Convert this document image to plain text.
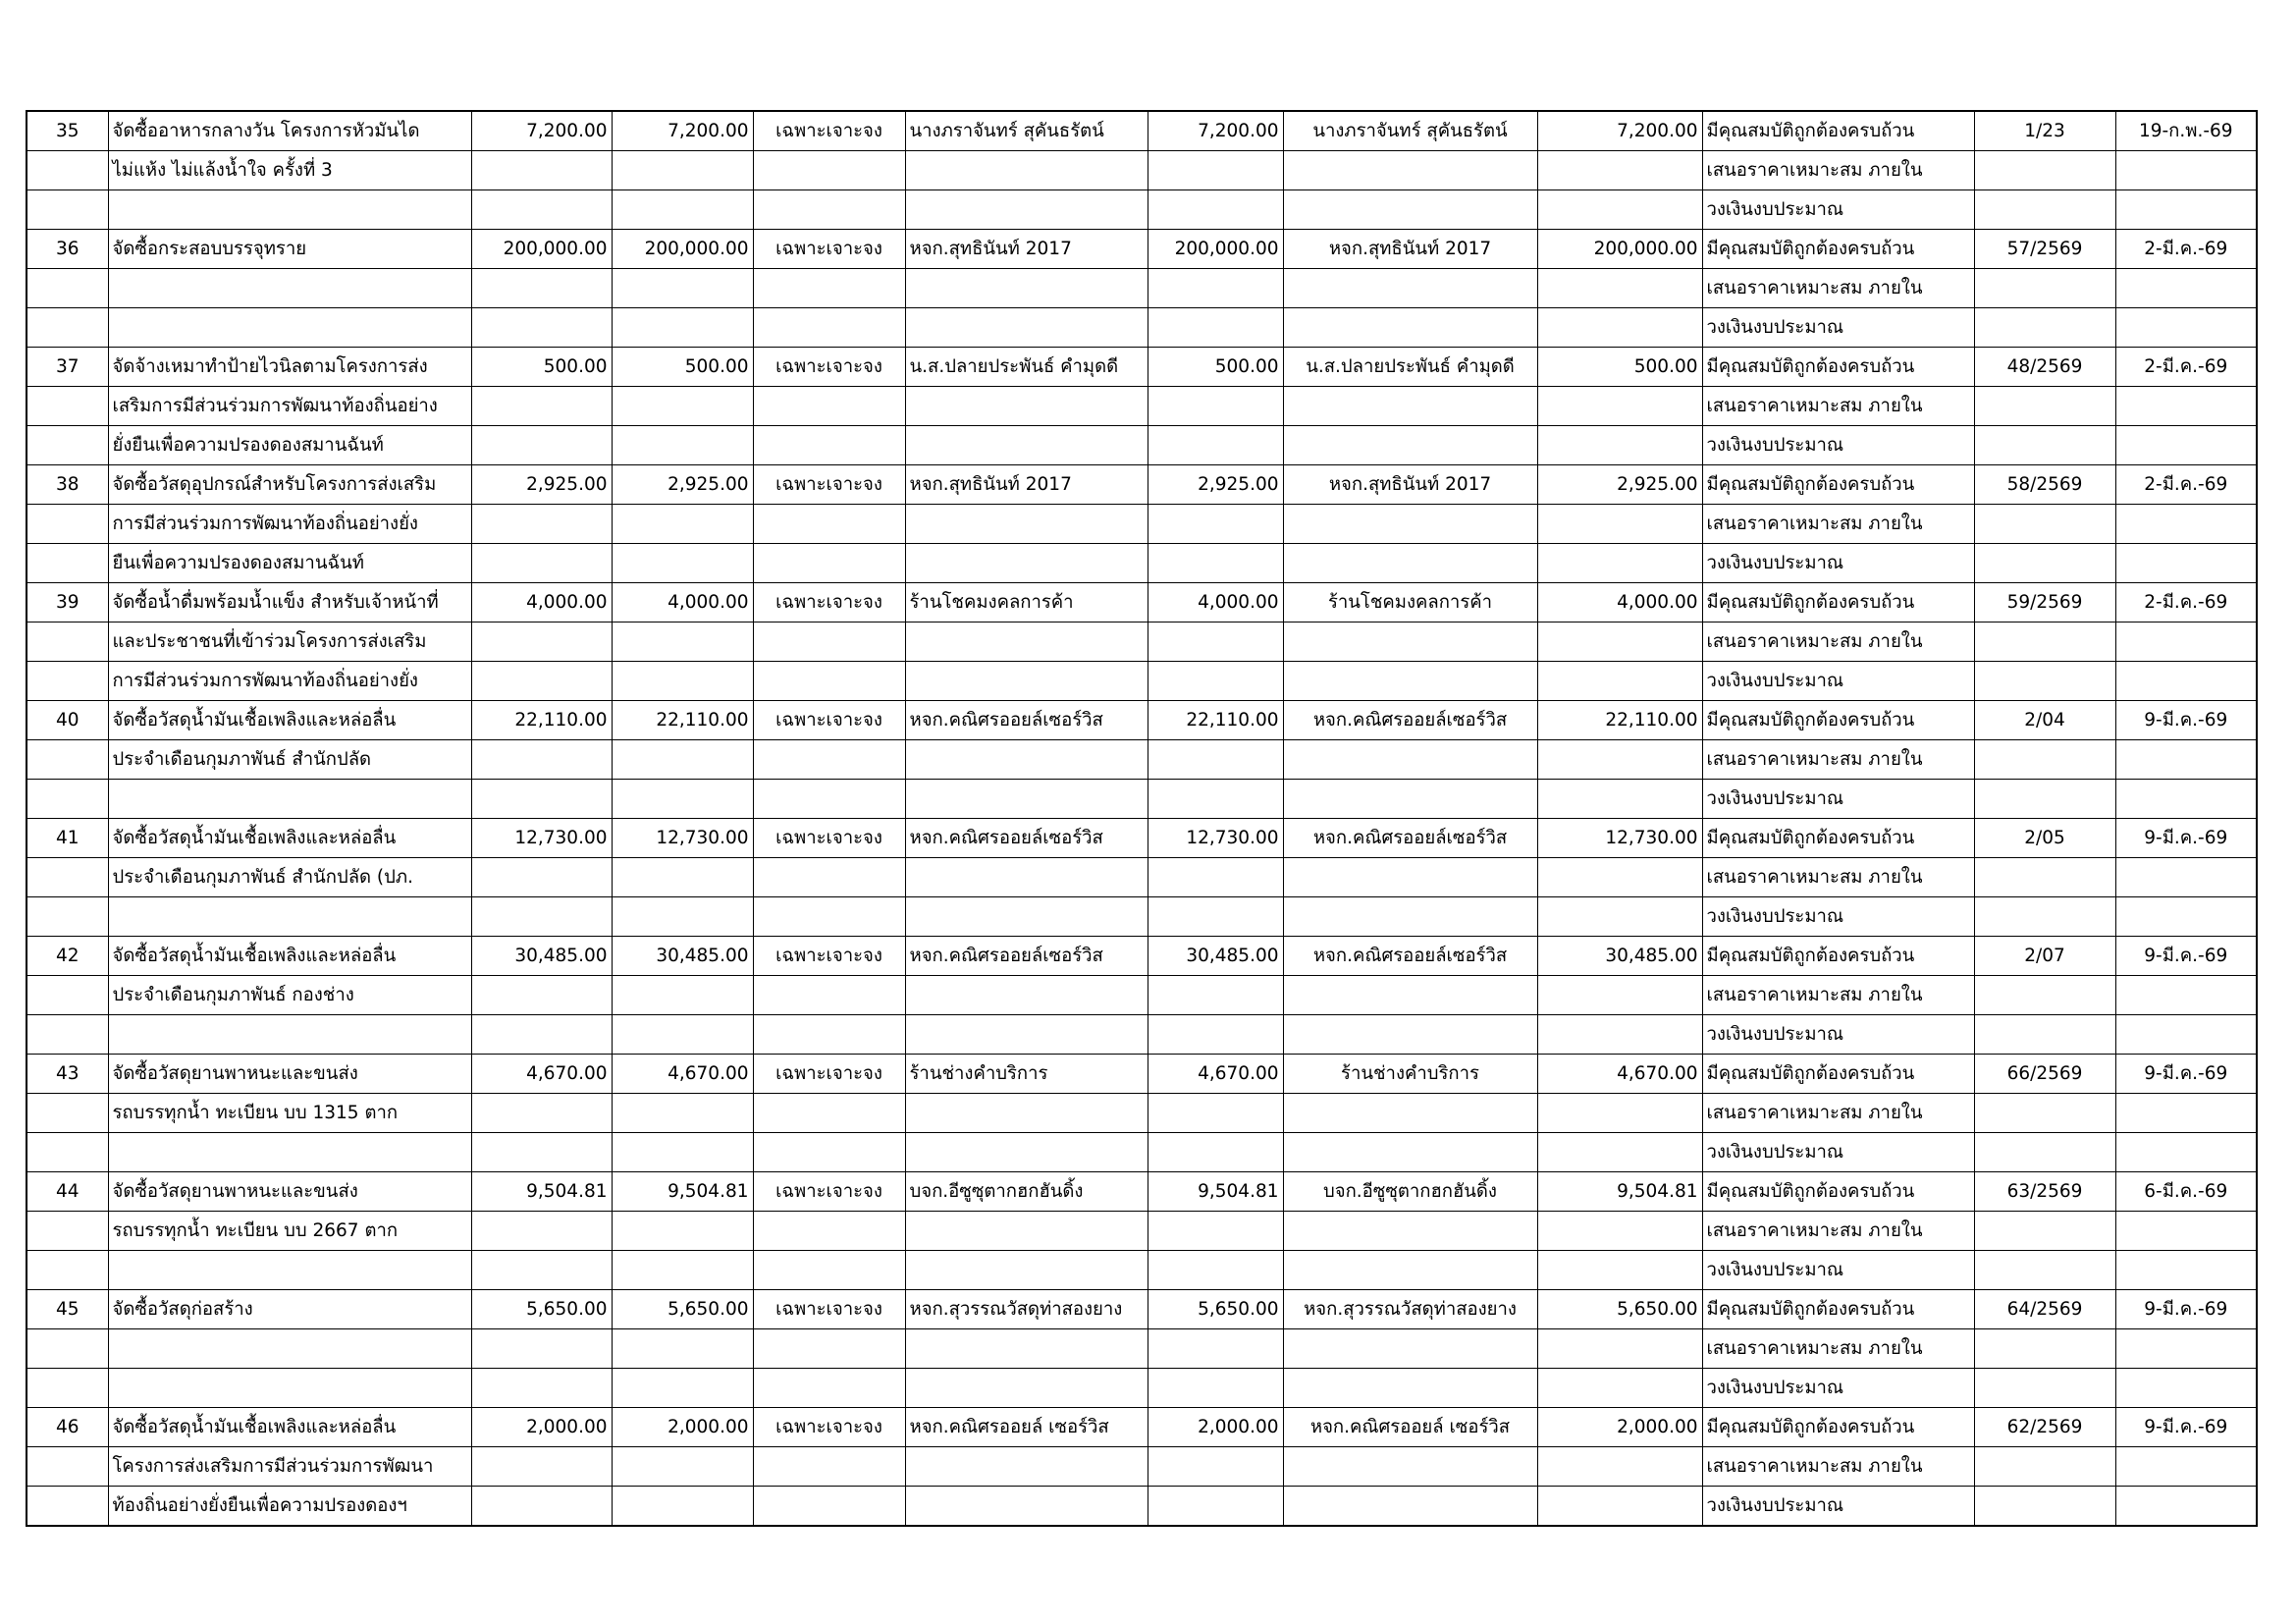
35	จัดซื้ออาหารกลางวัน โครงการหัวมันได	7,200.00	7,200.00	เฉพาะเจาะจง	นางภราจันทร์ สุคันธรัตน์	7,200.00	นางภราจันทร์ สุคันธรัตน์	7,200.00	มีคุณสมบัติถูกต้องครบถ้วน	1/23	19-ก.พ.-69
	ไม่แห้ง ไม่แล้งน้ำใจ ครั้งที่ 3								เสนอราคาเหมาะสม ภายใน		
									วงเงินงบประมาณ		
36	จัดซื้อกระสอบบรรจุทราย	200,000.00	200,000.00	เฉพาะเจาะจง	หจก.สุทธินันท์ 2017	200,000.00	หจก.สุทธินันท์ 2017	200,000.00	มีคุณสมบัติถูกต้องครบถ้วน	57/2569	2-มี.ค.-69
									เสนอราคาเหมาะสม ภายใน		
									วงเงินงบประมาณ		
37	จัดจ้างเหมาทำป้ายไวนิลตามโครงการส่ง	500.00	500.00	เฉพาะเจาะจง	น.ส.ปลายประพันธ์ คำมุดดี	500.00	น.ส.ปลายประพันธ์ คำมุดดี	500.00	มีคุณสมบัติถูกต้องครบถ้วน	48/2569	2-มี.ค.-69
	เสริมการมีส่วนร่วมการพัฒนาท้องถิ่นอย่าง								เสนอราคาเหมาะสม ภายใน		
	ยั่งยืนเพื่อความปรองดองสมานฉันท์								วงเงินงบประมาณ		
38	จัดซื้อวัสดุอุปกรณ์สำหรับโครงการส่งเสริม	2,925.00	2,925.00	เฉพาะเจาะจง	หจก.สุทธินันท์ 2017	2,925.00	หจก.สุทธินันท์ 2017	2,925.00	มีคุณสมบัติถูกต้องครบถ้วน	58/2569	2-มี.ค.-69
	การมีส่วนร่วมการพัฒนาท้องถิ่นอย่างยั่ง								เสนอราคาเหมาะสม ภายใน		
	ยืนเพื่อความปรองดองสมานฉันท์								วงเงินงบประมาณ		
39	จัดซื้อน้ำดื่มพร้อมน้ำแข็ง สำหรับเจ้าหน้าที่	4,000.00	4,000.00	เฉพาะเจาะจง	ร้านโชคมงคลการค้า	4,000.00	ร้านโชคมงคลการค้า	4,000.00	มีคุณสมบัติถูกต้องครบถ้วน	59/2569	2-มี.ค.-69
	และประชาชนที่เข้าร่วมโครงการส่งเสริม								เสนอราคาเหมาะสม ภายใน		
	การมีส่วนร่วมการพัฒนาท้องถิ่นอย่างยั่ง								วงเงินงบประมาณ		
40	จัดซื้อวัสดุน้ำมันเชื้อเพลิงและหล่อลื่น	22,110.00	22,110.00	เฉพาะเจาะจง	หจก.คณิศรออยล์เซอร์วิส	22,110.00	หจก.คณิศรออยล์เซอร์วิส	22,110.00	มีคุณสมบัติถูกต้องครบถ้วน	2/04	9-มี.ค.-69
	ประจำเดือนกุมภาพันธ์ สำนักปลัด								เสนอราคาเหมาะสม ภายใน		
									วงเงินงบประมาณ		
41	จัดซื้อวัสดุน้ำมันเชื้อเพลิงและหล่อลื่น	12,730.00	12,730.00	เฉพาะเจาะจง	หจก.คณิศรออยล์เซอร์วิส	12,730.00	หจก.คณิศรออยล์เซอร์วิส	12,730.00	มีคุณสมบัติถูกต้องครบถ้วน	2/05	9-มี.ค.-69
	ประจำเดือนกุมภาพันธ์ สำนักปลัด (ปภ.								เสนอราคาเหมาะสม ภายใน		
									วงเงินงบประมาณ		
42	จัดซื้อวัสดุน้ำมันเชื้อเพลิงและหล่อลื่น	30,485.00	30,485.00	เฉพาะเจาะจง	หจก.คณิศรออยล์เซอร์วิส	30,485.00	หจก.คณิศรออยล์เซอร์วิส	30,485.00	มีคุณสมบัติถูกต้องครบถ้วน	2/07	9-มี.ค.-69
	ประจำเดือนกุมภาพันธ์ กองช่าง								เสนอราคาเหมาะสม ภายใน		
									วงเงินงบประมาณ		
43	จัดซื้อวัสดุยานพาหนะและขนส่ง	4,670.00	4,670.00	เฉพาะเจาะจง	ร้านช่างคำบริการ	4,670.00	ร้านช่างคำบริการ	4,670.00	มีคุณสมบัติถูกต้องครบถ้วน	66/2569	9-มี.ค.-69
	รถบรรทุกน้ำ ทะเบียน บบ 1315 ตาก								เสนอราคาเหมาะสม ภายใน		
									วงเงินงบประมาณ		
44	จัดซื้อวัสดุยานพาหนะและขนส่ง	9,504.81	9,504.81	เฉพาะเจาะจง	บจก.อีซูซุตากฮกฮันดิ้ง	9,504.81	บจก.อีซูซุตากฮกฮันดิ้ง	9,504.81	มีคุณสมบัติถูกต้องครบถ้วน	63/2569	6-มี.ค.-69
	รถบรรทุกน้ำ ทะเบียน บบ 2667 ตาก								เสนอราคาเหมาะสม ภายใน		
									วงเงินงบประมาณ		
45	จัดซื้อวัสดุก่อสร้าง	5,650.00	5,650.00	เฉพาะเจาะจง	หจก.สุวรรณวัสดุท่าสองยาง	5,650.00	หจก.สุวรรณวัสดุท่าสองยาง	5,650.00	มีคุณสมบัติถูกต้องครบถ้วน	64/2569	9-มี.ค.-69
									เสนอราคาเหมาะสม ภายใน		
									วงเงินงบประมาณ		
46	จัดซื้อวัสดุน้ำมันเชื้อเพลิงและหล่อลื่น	2,000.00	2,000.00	เฉพาะเจาะจง	หจก.คณิศรออยล์ เซอร์วิส	2,000.00	หจก.คณิศรออยล์ เซอร์วิส	2,000.00	มีคุณสมบัติถูกต้องครบถ้วน	62/2569	9-มี.ค.-69
	โครงการส่งเสริมการมีส่วนร่วมการพัฒนา								เสนอราคาเหมาะสม ภายใน		
	ท้องถิ่นอย่างยั่งยืนเพื่อความปรองดองฯ								วงเงินงบประมาณ		
